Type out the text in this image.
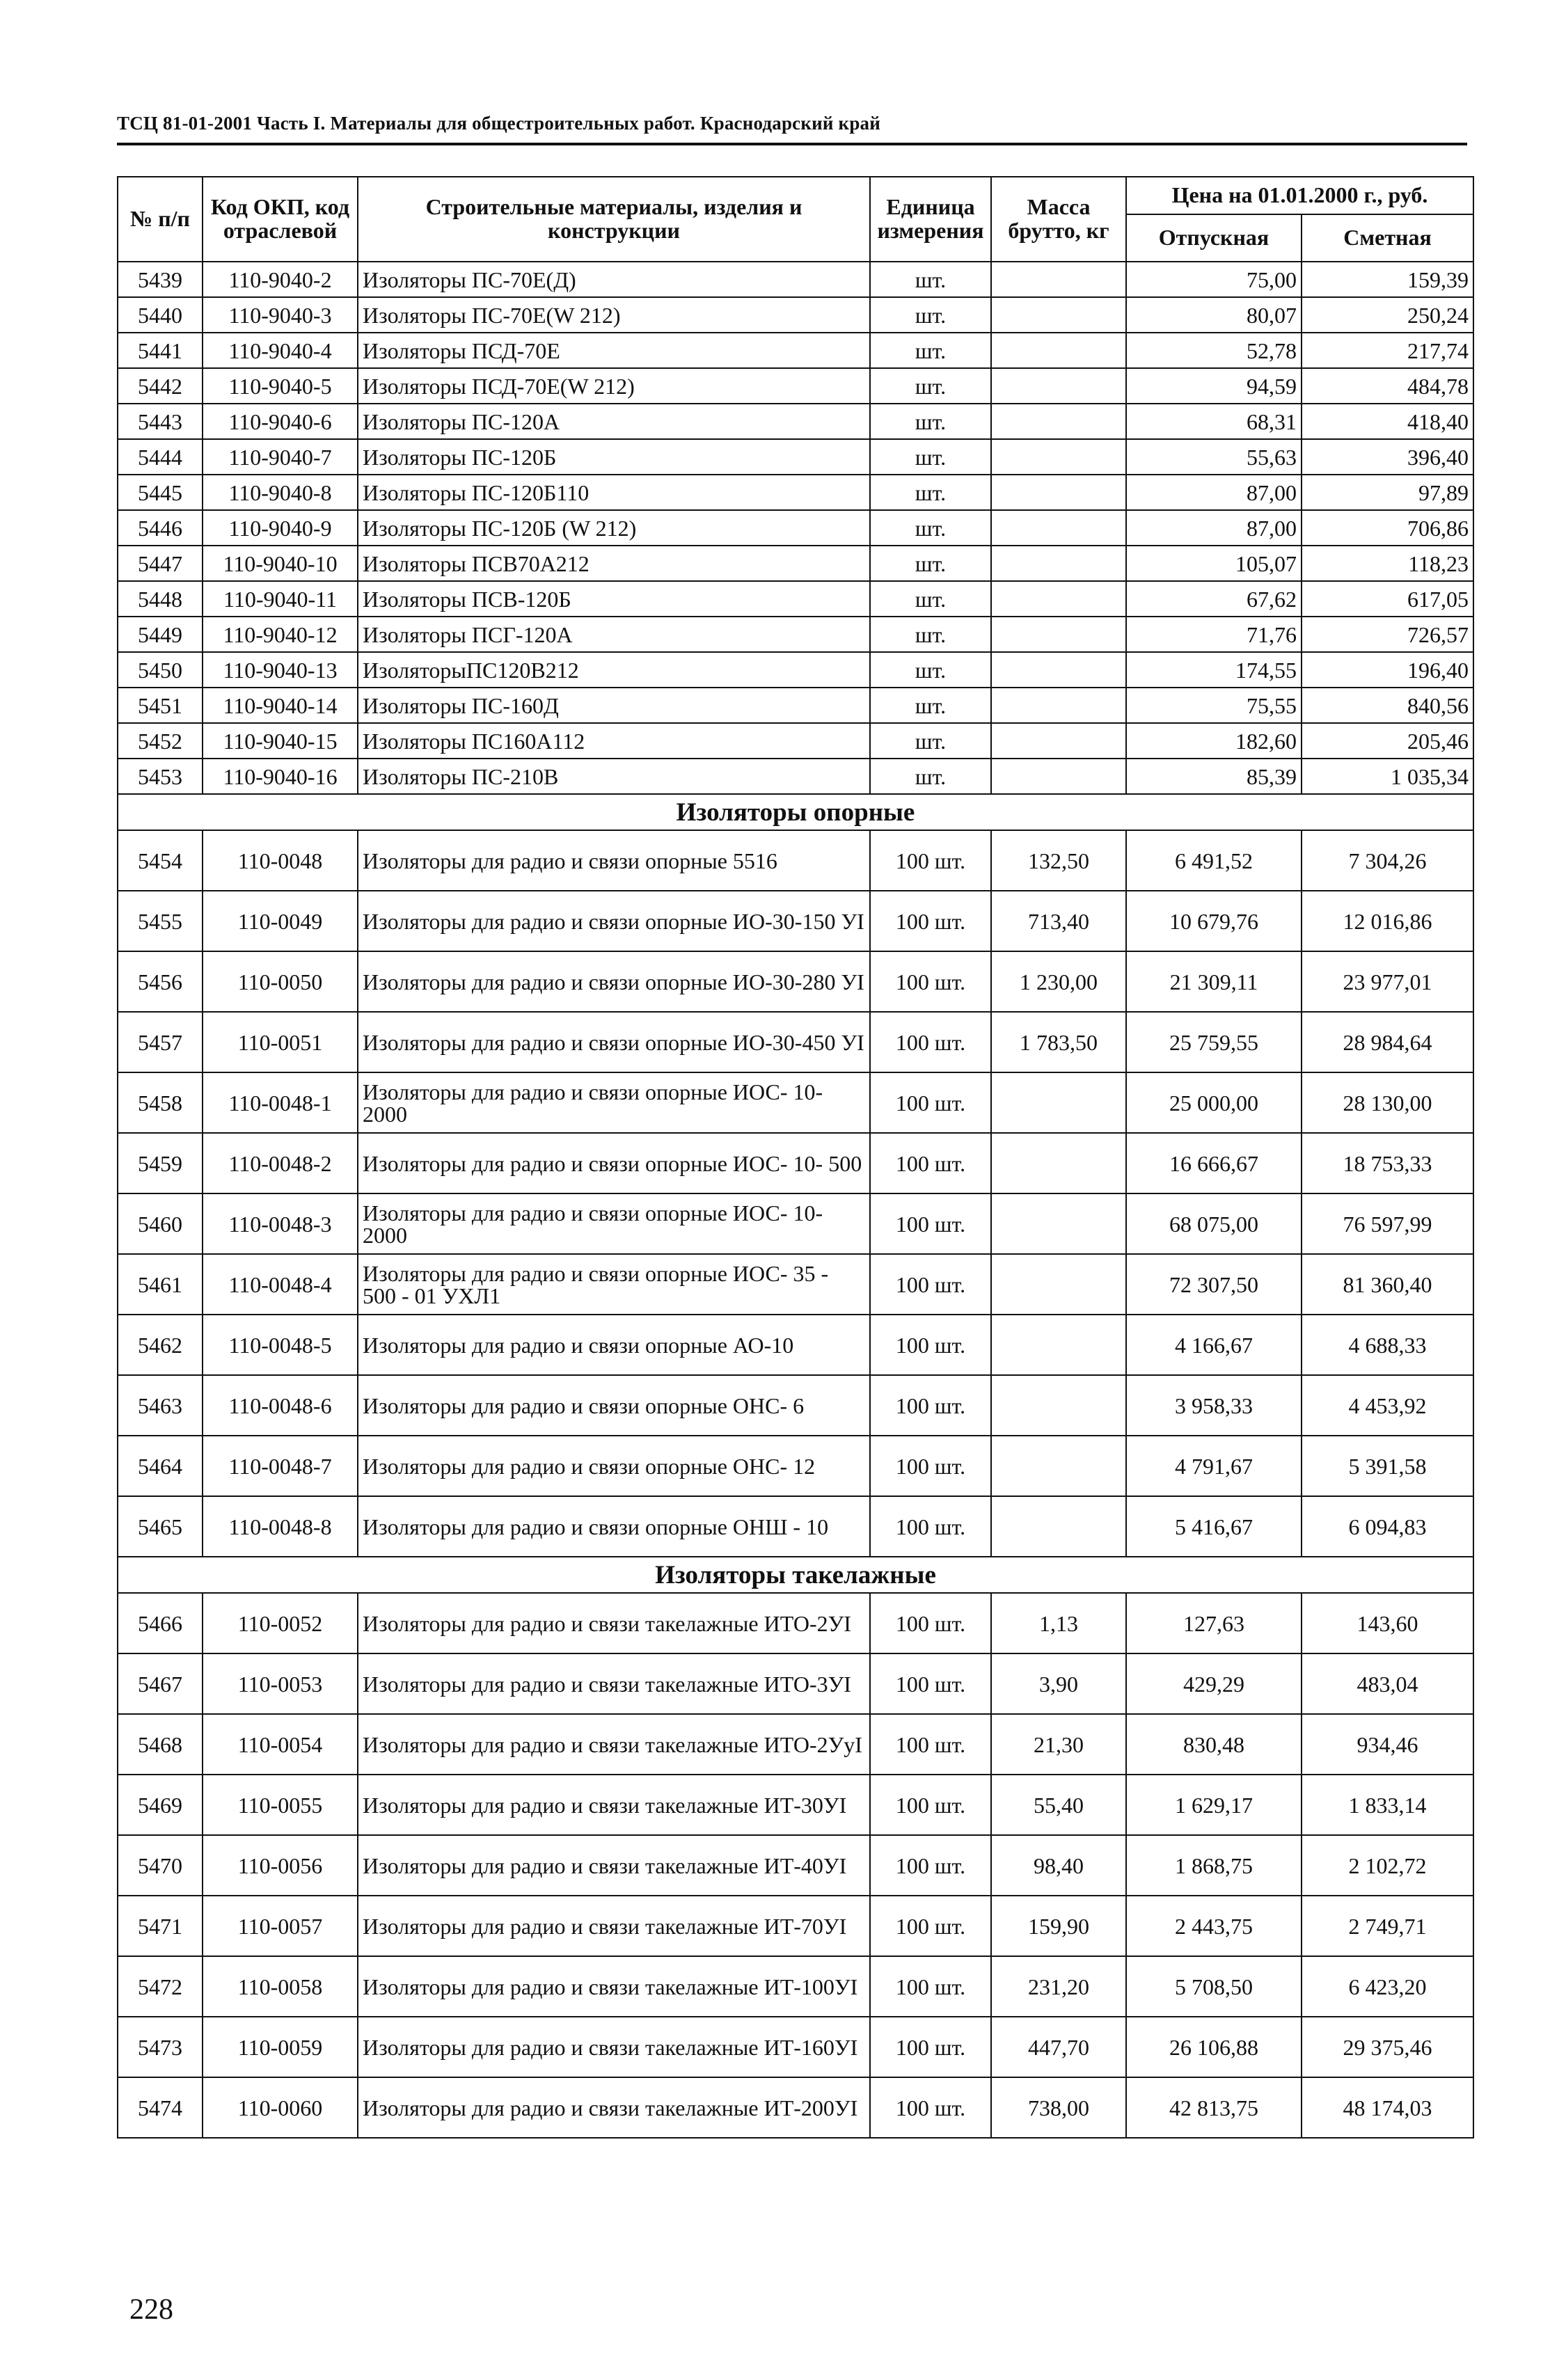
ТСЦ 81-01-2001 Часть I. Материалы для общестроительных работ. Краснодарский край
№ п/п	Код ОКП, код отраслевой	Строительные материалы, изделия и конструкции	Единица измерения	Масса брутто, кг	Цена на 01.01.2000 г., руб.	
					Отпускная	Сметная
5439	110-9040-2	Изоляторы ПС-70Е(Д)	шт.		75,00	159,39
5440	110-9040-3	Изоляторы ПС-70Е(W 212)	шт.		80,07	250,24
5441	110-9040-4	Изоляторы ПСД-70Е	шт.		52,78	217,74
5442	110-9040-5	Изоляторы ПСД-70Е(W 212)	шт.		94,59	484,78
5443	110-9040-6	Изоляторы ПС-120А	шт.		68,31	418,40
5444	110-9040-7	Изоляторы ПС-120Б	шт.		55,63	396,40
5445	110-9040-8	Изоляторы ПС-120Б110	шт.		87,00	97,89
5446	110-9040-9	Изоляторы ПС-120Б (W 212)	шт.		87,00	706,86
5447	110-9040-10	Изоляторы ПСВ70А212	шт.		105,07	118,23
5448	110-9040-11	Изоляторы ПСВ-120Б	шт.		67,62	617,05
5449	110-9040-12	Изоляторы ПСГ-120А	шт.		71,76	726,57
5450	110-9040-13	ИзоляторыПС120В212	шт.		174,55	196,40
5451	110-9040-14	Изоляторы ПС-160Д	шт.		75,55	840,56
5452	110-9040-15	Изоляторы ПС160А112	шт.		182,60	205,46
5453	110-9040-16	Изоляторы ПС-210В	шт.		85,39	1 035,34
Изоляторы опорные						
5454	110-0048	Изоляторы для радио и связи опорные 5516	100 шт.	132,50	6 491,52	7 304,26
5455	110-0049	Изоляторы для радио и связи опорные ИО-30-150 УI	100 шт.	713,40	10 679,76	12 016,86
5456	110-0050	Изоляторы для радио и связи опорные ИО-30-280 УI	100 шт.	1 230,00	21 309,11	23 977,01
5457	110-0051	Изоляторы для радио и связи опорные ИО-30-450 УI	100 шт.	1 783,50	25 759,55	28 984,64
5458	110-0048-1	Изоляторы для радио и связи опорные ИОС- 10- 2000	100 шт.		25 000,00	28 130,00
5459	110-0048-2	Изоляторы для радио и связи опорные ИОС- 10- 500	100 шт.		16 666,67	18 753,33
5460	110-0048-3	Изоляторы для радио и связи опорные ИОС- 10- 2000	100 шт.		68 075,00	76 597,99
5461	110-0048-4	Изоляторы для радио и связи опорные ИОС- 35 - 500 - 01 УХЛ1	100 шт.		72 307,50	81 360,40
5462	110-0048-5	Изоляторы для радио и связи опорные АО-10	100 шт.		4 166,67	4 688,33
5463	110-0048-6	Изоляторы для радио и связи опорные ОНС- 6	100 шт.		3 958,33	4 453,92
5464	110-0048-7	Изоляторы для радио и связи опорные ОНС- 12	100 шт.		4 791,67	5 391,58
5465	110-0048-8	Изоляторы для радио и связи опорные ОНШ - 10	100 шт.		5 416,67	6 094,83
Изоляторы такелажные						
5466	110-0052	Изоляторы для радио и связи такелажные ИТО-2УI	100 шт.	1,13	127,63	143,60
5467	110-0053	Изоляторы для радио и связи такелажные ИТО-3УI	100 шт.	3,90	429,29	483,04
5468	110-0054	Изоляторы для радио и связи такелажные ИТО-2УуI	100 шт.	21,30	830,48	934,46
5469	110-0055	Изоляторы для радио и связи такелажные ИТ-30УI	100 шт.	55,40	1 629,17	1 833,14
5470	110-0056	Изоляторы для радио и связи такелажные ИТ-40УI	100 шт.	98,40	1 868,75	2 102,72
5471	110-0057	Изоляторы для радио и связи такелажные ИТ-70УI	100 шт.	159,90	2 443,75	2 749,71
5472	110-0058	Изоляторы для радио и связи такелажные ИТ-100УI	100 шт.	231,20	5 708,50	6 423,20
5473	110-0059	Изоляторы для радио и связи такелажные ИТ-160УI	100 шт.	447,70	26 106,88	29 375,46
5474	110-0060	Изоляторы для радио и связи такелажные ИТ-200УI	100 шт.	738,00	42 813,75	48 174,03
228
